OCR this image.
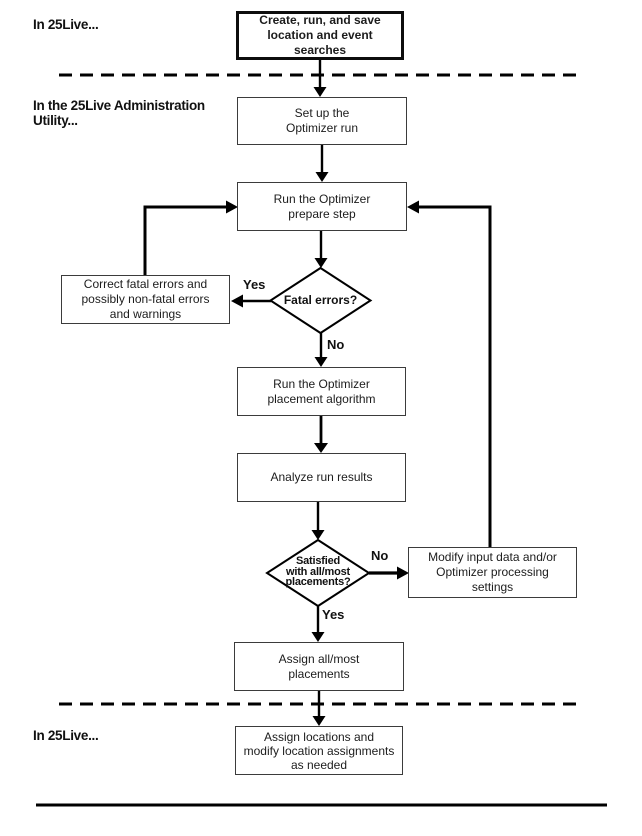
In 25Live...
In the 25Live Administration
Utility...
In 25Live...
Create, run, and save
location and event
searches
Set up the
Optimizer run
Run the Optimizer
prepare step
Correct fatal errors and
possibly non-fatal errors
and warnings
Run the Optimizer
placement algorithm
Analyze run results
Modify input data and/or
Optimizer processing
settings
Assign all/most
placements
Assign locations and
modify location assignments
as needed
Fatal errors?
Satisfied
with all/most
placements?
Yes
No
No
Yes
